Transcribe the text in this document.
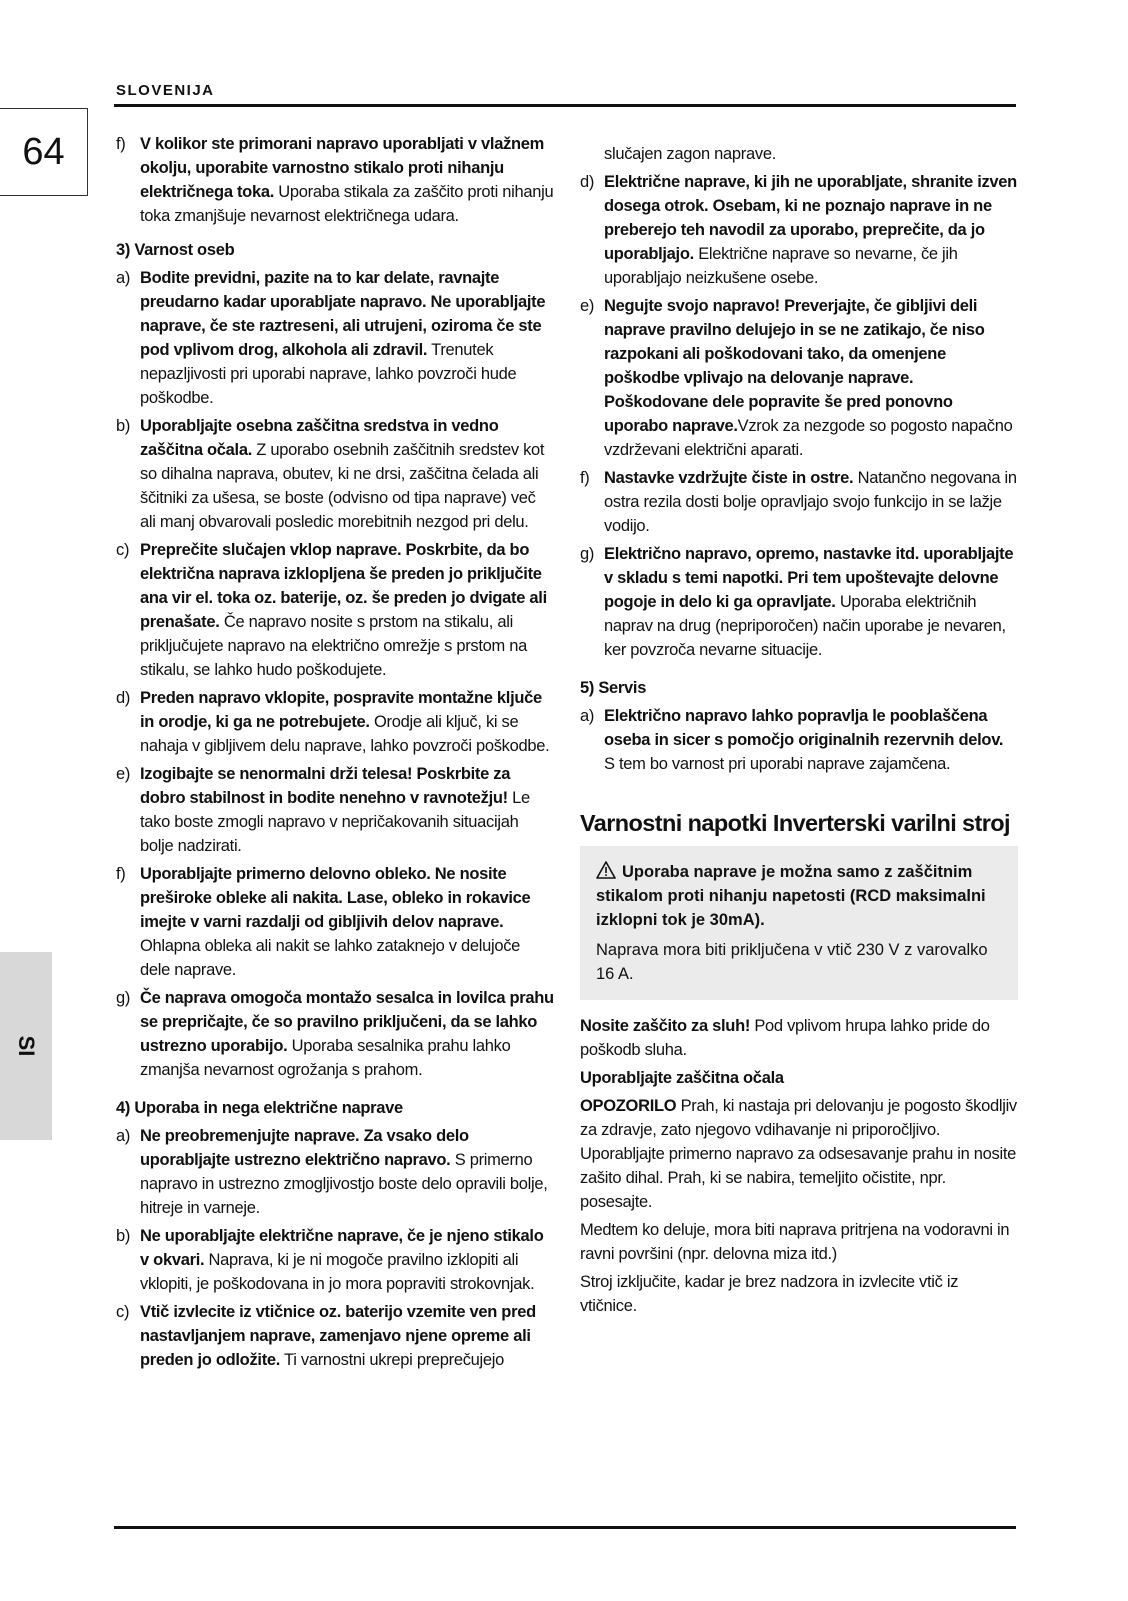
SLOVENIJA
64
SI
f) V kolikor ste primorani napravo uporabljati v vlažnem okolju, uporabite varnostno stikalo proti nihanju električnega toka. Uporaba stikala za zaščito proti nihanju toka zmanjšuje nevarnost električnega udara.
3) Varnost oseb
a) Bodite previdni, pazite na to kar delate, ravnajte preudarno kadar uporabljate napravo. Ne uporabljajte naprave, če ste raztreseni, ali utrujeni, oziroma če ste pod vplivom drog, alkohola ali zdravil. Trenutek nepazljivosti pri uporabi naprave, lahko povzroči hude poškodbe.
b) Uporabljajte osebna zaščitna sredstva in vedno zaščitna očala. Z uporabo osebnih zaščitnih sredstev kot so dihalna naprava, obutev, ki ne drsi, zaščitna čelada ali ščitniki za ušesa, se boste (odvisno od tipa naprave) več ali manj obvarovali posledic morebitnih nezgod pri delu.
c) Preprečite slučajen vklop naprave. Poskrbite, da bo električna naprava izklopljena še preden jo priključite ana vir el. toka oz. baterije, oz. še preden jo dvigate ali prenašate. Če napravo nosite s prstom na stikalu, ali priključujete napravo na električno omrežje s prstom na stikalu, se lahko hudo poškodujete.
d) Preden napravo vklopite, pospravite montažne ključe in orodje, ki ga ne potrebujete. Orodje ali ključ, ki se nahaja v gibljivem delu naprave, lahko povzroči poškodbe.
e) Izogibajte se nenormalni drži telesa! Poskrbite za dobro stabilnost in bodite nenehno v ravnotežju! Le tako boste zmogli napravo v nepričakovanih situacijah bolje nadzirati.
f) Uporabljajte primerno delovno obleko. Ne nosite preširoke obleke ali nakita. Lase, obleko in rokavice imejte v varni razdalji od gibljivih delov naprave. Ohlapna obleka ali nakit se lahko zataknejo v delujoče dele naprave.
g) Če naprava omogoča montažo sesalca in lovilca prahu se prepričajte, če so pravilno priključeni, da se lahko ustrezno uporabijo. Uporaba sesalnika prahu lahko zmanjša nevarnost ogrožanja s prahom.
4) Uporaba in nega električne naprave
a) Ne preobremenjujte naprave. Za vsako delo uporabljajte ustrezno električno napravo. S primerno napravo in ustrezno zmogljivostjo boste delo opravili bolje, hitreje in varneje.
b) Ne uporabljajte električne naprave, če je njeno stikalo v okvari. Naprava, ki je ni mogoče pravilno izklopiti ali vklopiti, je poškodovana in jo mora popraviti strokovnjak.
c) Vtič izvlecite iz vtičnice oz. baterijo vzemite ven pred nastavljanjem naprave, zamenjavo njene opreme ali preden jo odložite. Ti varnostni ukrepi preprečujejo
slučajen zagon naprave.
d) Električne naprave, ki jih ne uporabljate, shranite izven dosega otrok. Osebam, ki ne poznajo naprave in ne preberejo teh navodil za uporabo, preprečite, da jo uporabljajo. Električne naprave so nevarne, če jih uporabljajo neizkušene osebe.
e) Negujte svojo napravo! Preverjajte, če gibljivi deli naprave pravilno delujejo in se ne zatikajo, če niso razpokani ali poškodovani tako, da omenjene poškodbe vplivajo na delovanje naprave. Poškodovane dele popravite še pred ponovno uporabo naprave.Vzrok za nezgode so pogosto napačno vzdrževani električni aparati.
f) Nastavke vzdržujte čiste in ostre. Natančno negovana in ostra rezila dosti bolje opravljajo svojo funkcijo in se lažje vodijo.
g) Električno napravo, opremo, nastavke itd. uporabljajte v skladu s temi napotki. Pri tem upoštevajte delovne pogoje in delo ki ga opravljate. Uporaba električnih naprav na drug (nepriporočen) način uporabe je nevaren, ker povzroča nevarne situacije.
5) Servis
a) Električno napravo lahko popravlja le pooblaščena oseba in sicer s pomočjo originalnih rezervnih delov. S tem bo varnost pri uporabi naprave zajamčena.
Varnostni napotki Inverterski varilni stroj
Uporaba naprave je možna samo z zaščitnim stikalom proti nihanju napetosti (RCD maksimalni izklopni tok je 30mA).
Naprava mora biti priključena v vtič 230 V z varovalko 16 A.
Nosite zaščito za sluh! Pod vplivom hrupa lahko pride do poškodb sluha.
Uporabljajte zaščitna očala
OPOZORILO Prah, ki nastaja pri delovanju je pogosto škodljiv za zdravje, zato njegovo vdihavanje ni priporočljivo. Uporabljajte primerno napravo za odsesavanje prahu in nosite zašito dihal. Prah, ki se nabira, temeljito očistite, npr. posesajte.
Medtem ko deluje, mora biti naprava pritrjena na vodoravni in ravni površini (npr. delovna miza itd.)
Stroj izključite, kadar je brez nadzora in izvlecite vtič iz vtičnice.
